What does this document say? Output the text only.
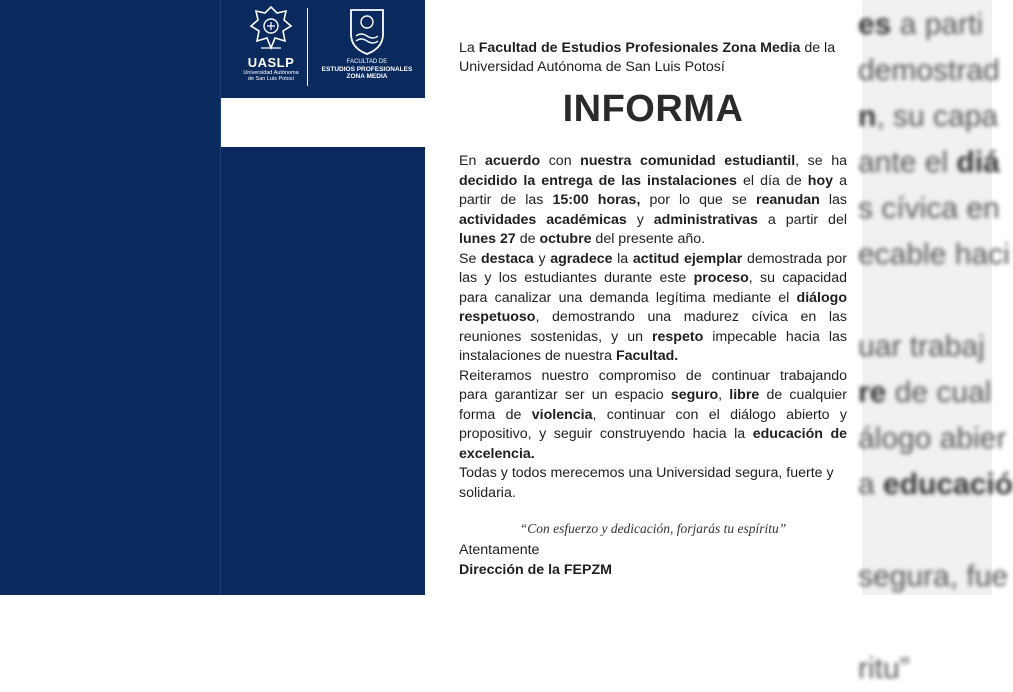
UASLP
Universidad Autónoma
de San Luis Potosí
FACULTAD DE
ESTUDIOS PROFESIONALES
ZONA MEDIA
es a parti
demostrad
n, su capa
ante el diá
s cívica en
ecable haci

uar trabaj
re de cual
álogo abier
a educació

segura, fue

ritu”
La Facultad de Estudios Profesionales Zona Media de la Universidad Autónoma de San Luis Potosí
INFORMA

En acuerdo con nuestra comunidad estudiantil, se ha decidido la entrega de las instalaciones el día de hoy a partir de las 15:00 horas, por lo que se reanudan las actividades académicas y administrativas a partir del lunes 27 de octubre del presente año.

Se destaca y agradece la actitud ejemplar demostrada por las y los estudiantes durante este proceso, su capacidad para canalizar una demanda legítima mediante el diálogo respetuoso, demostrando una madurez cívica en las reuniones sostenidas, y un respeto impecable hacia las instalaciones de nuestra Facultad.

Reiteramos nuestro compromiso de continuar trabajando para garantizar ser un espacio seguro, libre de cualquier forma de violencia, continuar con el diálogo abierto y propositivo, y seguir construyendo hacia la educación de excelencia.

Todas y todos merecemos una Universidad segura, fuerte y solidaria.

“Con esfuerzo y dedicación, forjarás tu espíritu”
Atentamente
Dirección de la FEPZM
